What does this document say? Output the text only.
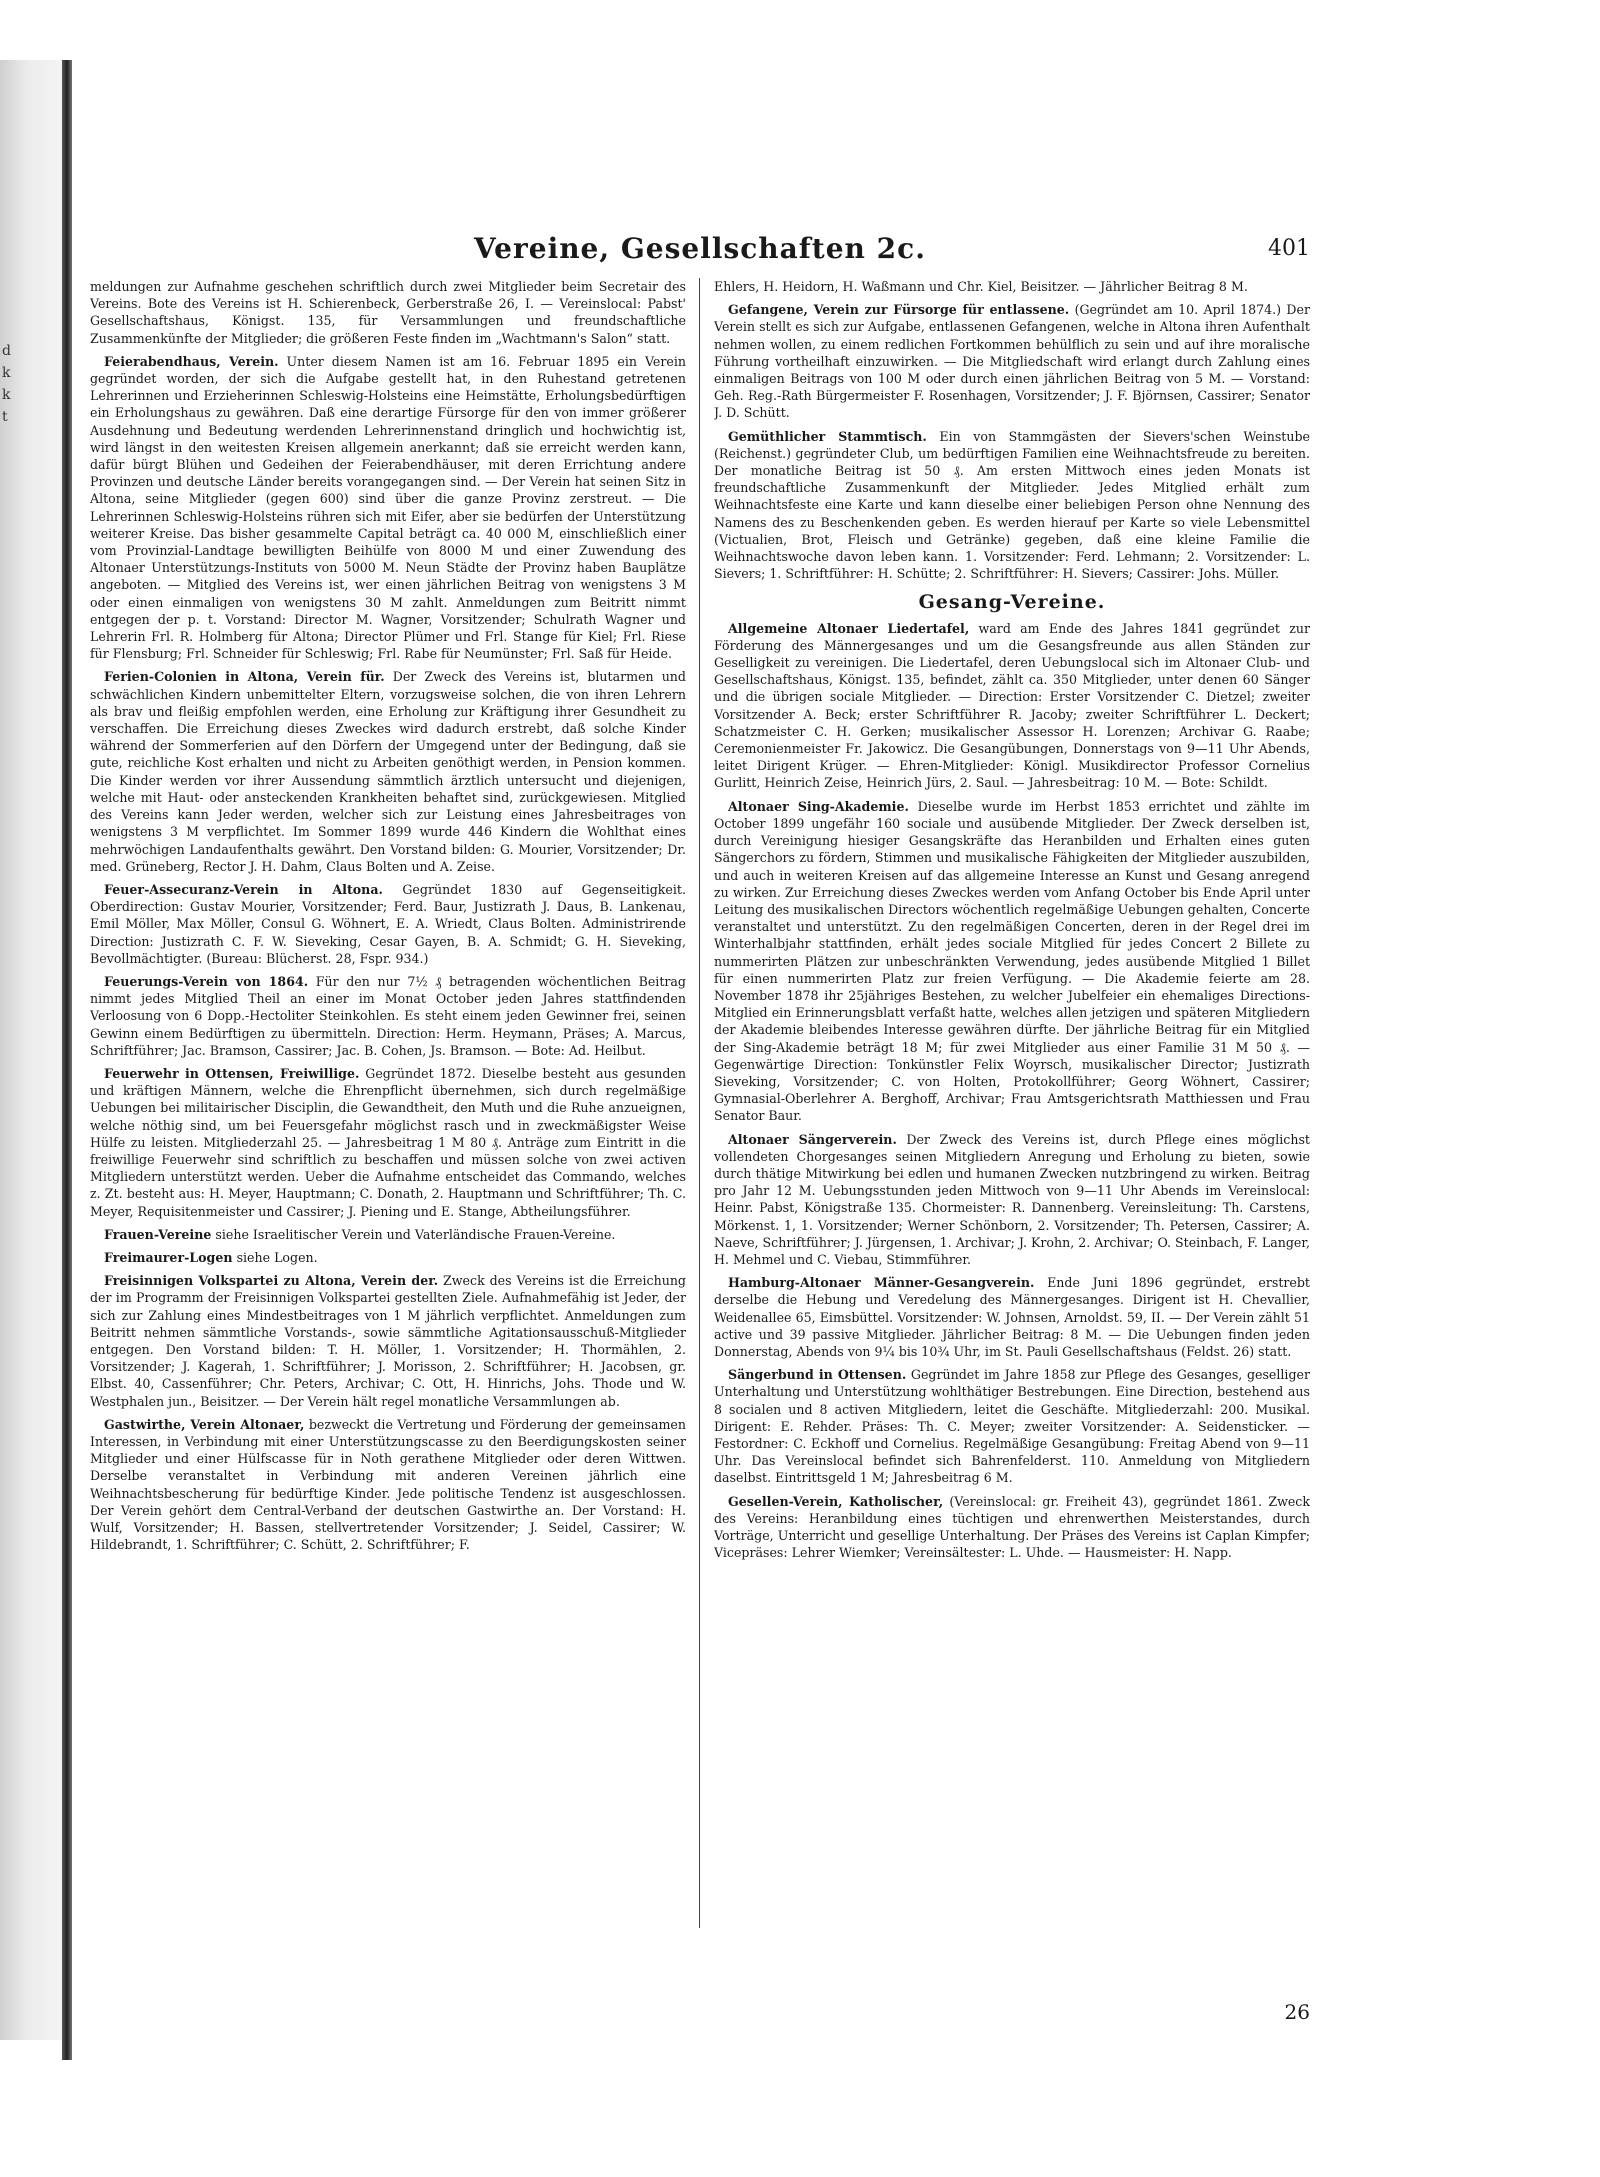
d
k
k
t
Vereine, Gesellschaften 2c.	401

meldungen zur Aufnahme geschehen schriftlich durch zwei Mitglieder beim Secretair des Vereins. Bote des Vereins ist H. Schierenbeck, Gerberstraße 26, I. — Vereinslocal: Pabst' Gesellschaftshaus, Königst. 135, für Versammlungen und freundschaftliche Zusammenkünfte der Mitglieder; die größeren Feste finden im „Wachtmann's Salon“ statt.

Feierabendhaus, Verein. Unter diesem Namen ist am 16. Februar 1895 ein Verein gegründet worden, der sich die Aufgabe gestellt hat, in den Ruhestand getretenen Lehrerinnen und Erzieherinnen Schleswig-Holsteins eine Heimstätte, Erholungsbedürftigen ein Erholungshaus zu gewähren. Daß eine derartige Fürsorge für den von immer größerer Ausdehnung und Bedeutung werdenden Lehrerinnenstand dringlich und hochwichtig ist, wird längst in den weitesten Kreisen allgemein anerkannt; daß sie erreicht werden kann, dafür bürgt Blühen und Gedeihen der Feierabendhäuser, mit deren Errichtung andere Provinzen und deutsche Länder bereits vorangegangen sind. — Der Verein hat seinen Sitz in Altona, seine Mitglieder (gegen 600) sind über die ganze Provinz zerstreut. — Die Lehrerinnen Schleswig-Holsteins rühren sich mit Eifer, aber sie bedürfen der Unterstützung weiterer Kreise. Das bisher gesammelte Capital beträgt ca. 40 000 M, einschließlich einer vom Provinzial-Landtage bewilligten Beihülfe von 8000 M und einer Zuwendung des Altonaer Unterstützungs-Instituts von 5000 M. Neun Städte der Provinz haben Bauplätze angeboten. — Mitglied des Vereins ist, wer einen jährlichen Beitrag von wenigstens 3 M oder einen einmaligen von wenigstens 30 M zahlt. Anmeldungen zum Beitritt nimmt entgegen der p. t. Vorstand: Director M. Wagner, Vorsitzender; Schulrath Wagner und Lehrerin Frl. R. Holmberg für Altona; Director Plümer und Frl. Stange für Kiel; Frl. Riese für Flensburg; Frl. Schneider für Schleswig; Frl. Rabe für Neumünster; Frl. Saß für Heide.

Ferien-Colonien in Altona, Verein für. Der Zweck des Vereins ist, blutarmen und schwächlichen Kindern unbemittelter Eltern, vorzugsweise solchen, die von ihren Lehrern als brav und fleißig empfohlen werden, eine Erholung zur Kräftigung ihrer Gesundheit zu verschaffen. Die Erreichung dieses Zweckes wird dadurch erstrebt, daß solche Kinder während der Sommerferien auf den Dörfern der Umgegend unter der Bedingung, daß sie gute, reichliche Kost erhalten und nicht zu Arbeiten genöthigt werden, in Pension kommen. Die Kinder werden vor ihrer Aussendung sämmtlich ärztlich untersucht und diejenigen, welche mit Haut- oder ansteckenden Krankheiten behaftet sind, zurückgewiesen. Mitglied des Vereins kann Jeder werden, welcher sich zur Leistung eines Jahresbeitrages von wenigstens 3 M verpflichtet. Im Sommer 1899 wurde 446 Kindern die Wohlthat eines mehrwöchigen Landaufenthalts gewährt. Den Vorstand bilden: G. Mourier, Vorsitzender; Dr. med. Grüneberg, Rector J. H. Dahm, Claus Bolten und A. Zeise.

Feuer-Assecuranz-Verein in Altona. Gegründet 1830 auf Gegenseitigkeit. Oberdirection: Gustav Mourier, Vorsitzender; Ferd. Baur, Justizrath J. Daus, B. Lankenau, Emil Möller, Max Möller, Consul G. Wöhnert, E. A. Wriedt, Claus Bolten. Administrirende Direction: Justizrath C. F. W. Sieveking, Cesar Gayen, B. A. Schmidt; G. H. Sieveking, Bevollmächtigter. (Bureau: Blücherst. 28, Fspr. 934.)

Feuerungs-Verein von 1864. Für den nur 7½ ₰ betragenden wöchentlichen Beitrag nimmt jedes Mitglied Theil an einer im Monat October jeden Jahres stattfindenden Verloosung von 6 Dopp.-Hectoliter Steinkohlen. Es steht einem jeden Gewinner frei, seinen Gewinn einem Bedürftigen zu übermitteln. Direction: Herm. Heymann, Präses; A. Marcus, Schriftführer; Jac. Bramson, Cassirer; Jac. B. Cohen, Js. Bramson. — Bote: Ad. Heilbut.

Feuerwehr in Ottensen, Freiwillige. Gegründet 1872. Dieselbe besteht aus gesunden und kräftigen Männern, welche die Ehrenpflicht übernehmen, sich durch regelmäßige Uebungen bei militairischer Disciplin, die Gewandtheit, den Muth und die Ruhe anzueignen, welche nöthig sind, um bei Feuersgefahr möglichst rasch und in zweckmäßigster Weise Hülfe zu leisten. Mitgliederzahl 25. — Jahresbeitrag 1 M 80 ₰. Anträge zum Eintritt in die freiwillige Feuerwehr sind schriftlich zu beschaffen und müssen solche von zwei activen Mitgliedern unterstützt werden. Ueber die Aufnahme entscheidet das Commando, welches z. Zt. besteht aus: H. Meyer, Hauptmann; C. Donath, 2. Hauptmann und Schriftführer; Th. C. Meyer, Requisitenmeister und Cassirer; J. Piening und E. Stange, Abtheilungsführer.

Frauen-Vereine siehe Israelitischer Verein und Vaterländische Frauen-Vereine.

Freimaurer-Logen siehe Logen.

Freisinnigen Volkspartei zu Altona, Verein der. Zweck des Vereins ist die Erreichung der im Programm der Freisinnigen Volkspartei gestellten Ziele. Aufnahmefähig ist Jeder, der sich zur Zahlung eines Mindestbeitrages von 1 M jährlich verpflichtet. Anmeldungen zum Beitritt nehmen sämmtliche Vorstands-, sowie sämmtliche Agitationsausschuß-Mitglieder entgegen. Den Vorstand bilden: T. H. Möller, 1. Vorsitzender; H. Thormählen, 2. Vorsitzender; J. Kagerah, 1. Schriftführer; J. Morisson, 2. Schriftführer; H. Jacobsen, gr. Elbst. 40, Cassenführer; Chr. Peters, Archivar; C. Ott, H. Hinrichs, Johs. Thode und W. Westphalen jun., Beisitzer. — Der Verein hält regel monatliche Versammlungen ab.

Gastwirthe, Verein Altonaer, bezweckt die Vertretung und Förderung der gemeinsamen Interessen, in Verbindung mit einer Unterstützungscasse zu den Beerdigungskosten seiner Mitglieder und einer Hülfscasse für in Noth gerathene Mitglieder oder deren Wittwen. Derselbe veranstaltet in Verbindung mit anderen Vereinen jährlich eine Weihnachtsbescherung für bedürftige Kinder. Jede politische Tendenz ist ausgeschlossen. Der Verein gehört dem Central-Verband der deutschen Gastwirthe an. Der Vorstand: H. Wulf, Vorsitzender; H. Bassen, stellvertretender Vorsitzender; J. Seidel, Cassirer; W. Hildebrandt, 1. Schriftführer; C. Schütt, 2. Schriftführer; F.

Ehlers, H. Heidorn, H. Waßmann und Chr. Kiel, Beisitzer. — Jährlicher Beitrag 8 M.

Gefangene, Verein zur Fürsorge für entlassene. (Gegründet am 10. April 1874.) Der Verein stellt es sich zur Aufgabe, entlassenen Gefangenen, welche in Altona ihren Aufenthalt nehmen wollen, zu einem redlichen Fortkommen behülflich zu sein und auf ihre moralische Führung vortheilhaft einzuwirken. — Die Mitgliedschaft wird erlangt durch Zahlung eines einmaligen Beitrags von 100 M oder durch einen jährlichen Beitrag von 5 M. — Vorstand: Geh. Reg.-Rath Bürgermeister F. Rosenhagen, Vorsitzender; J. F. Björnsen, Cassirer; Senator J. D. Schütt.

Gemüthlicher Stammtisch. Ein von Stammgästen der Sievers'schen Weinstube (Reichenst.) gegründeter Club, um bedürftigen Familien eine Weihnachtsfreude zu bereiten. Der monatliche Beitrag ist 50 ₰. Am ersten Mittwoch eines jeden Monats ist freundschaftliche Zusammenkunft der Mitglieder. Jedes Mitglied erhält zum Weihnachtsfeste eine Karte und kann dieselbe einer beliebigen Person ohne Nennung des Namens des zu Beschenkenden geben. Es werden hierauf per Karte so viele Lebensmittel (Victualien, Brot, Fleisch und Getränke) gegeben, daß eine kleine Familie die Weihnachtswoche davon leben kann. 1. Vorsitzender: Ferd. Lehmann; 2. Vorsitzender: L. Sievers; 1. Schriftführer: H. Schütte; 2. Schriftführer: H. Sievers; Cassirer: Johs. Müller.

Gesang-Vereine.

Allgemeine Altonaer Liedertafel, ward am Ende des Jahres 1841 gegründet zur Förderung des Männergesanges und um die Gesangsfreunde aus allen Ständen zur Geselligkeit zu vereinigen. Die Liedertafel, deren Uebungslocal sich im Altonaer Club- und Gesellschaftshaus, Königst. 135, befindet, zählt ca. 350 Mitglieder, unter denen 60 Sänger und die übrigen sociale Mitglieder. — Direction: Erster Vorsitzender C. Dietzel; zweiter Vorsitzender A. Beck; erster Schriftführer R. Jacoby; zweiter Schriftführer L. Deckert; Schatzmeister C. H. Gerken; musikalischer Assessor H. Lorenzen; Archivar G. Raabe; Ceremonienmeister Fr. Jakowicz. Die Gesangübungen, Donnerstags von 9—11 Uhr Abends, leitet Dirigent Krüger. — Ehren-Mitglieder: Königl. Musikdirector Professor Cornelius Gurlitt, Heinrich Zeise, Heinrich Jürs, 2. Saul. — Jahresbeitrag: 10 M. — Bote: Schildt.

Altonaer Sing-Akademie. Dieselbe wurde im Herbst 1853 errichtet und zählte im October 1899 ungefähr 160 sociale und ausübende Mitglieder. Der Zweck derselben ist, durch Vereinigung hiesiger Gesangskräfte das Heranbilden und Erhalten eines guten Sängerchors zu fördern, Stimmen und musikalische Fähigkeiten der Mitglieder auszubilden, und auch in weiteren Kreisen auf das allgemeine Interesse an Kunst und Gesang anregend zu wirken. Zur Erreichung dieses Zweckes werden vom Anfang October bis Ende April unter Leitung des musikalischen Directors wöchentlich regelmäßige Uebungen gehalten, Concerte veranstaltet und unterstützt. Zu den regelmäßigen Concerten, deren in der Regel drei im Winterhalbjahr stattfinden, erhält jedes sociale Mitglied für jedes Concert 2 Billete zu nummerirten Plätzen zur unbeschränkten Verwendung, jedes ausübende Mitglied 1 Billet für einen nummerirten Platz zur freien Verfügung. — Die Akademie feierte am 28. November 1878 ihr 25jähriges Bestehen, zu welcher Jubelfeier ein ehemaliges Directions-Mitglied ein Erinnerungsblatt verfaßt hatte, welches allen jetzigen und späteren Mitgliedern der Akademie bleibendes Interesse gewähren dürfte. Der jährliche Beitrag für ein Mitglied der Sing-Akademie beträgt 18 M; für zwei Mitglieder aus einer Familie 31 M 50 ₰. — Gegenwärtige Direction: Tonkünstler Felix Woyrsch, musikalischer Director; Justizrath Sieveking, Vorsitzender; C. von Holten, Protokollführer; Georg Wöhnert, Cassirer; Gymnasial-Oberlehrer A. Berghoff, Archivar; Frau Amtsgerichtsrath Matthiessen und Frau Senator Baur.

Altonaer Sängerverein. Der Zweck des Vereins ist, durch Pflege eines möglichst vollendeten Chorgesanges seinen Mitgliedern Anregung und Erholung zu bieten, sowie durch thätige Mitwirkung bei edlen und humanen Zwecken nutzbringend zu wirken. Beitrag pro Jahr 12 M. Uebungsstunden jeden Mittwoch von 9—11 Uhr Abends im Vereinslocal: Heinr. Pabst, Königstraße 135. Chormeister: R. Dannenberg. Vereinsleitung: Th. Carstens, Mörkenst. 1, 1. Vorsitzender; Werner Schönborn, 2. Vorsitzender; Th. Petersen, Cassirer; A. Naeve, Schriftführer; J. Jürgensen, 1. Archivar; J. Krohn, 2. Archivar; O. Steinbach, F. Langer, H. Mehmel und C. Viebau, Stimmführer.

Hamburg-Altonaer Männer-Gesangverein. Ende Juni 1896 gegründet, erstrebt derselbe die Hebung und Veredelung des Männergesanges. Dirigent ist H. Chevallier, Weidenallee 65, Eimsbüttel. Vorsitzender: W. Johnsen, Arnoldst. 59, II. — Der Verein zählt 51 active und 39 passive Mitglieder. Jährlicher Beitrag: 8 M. — Die Uebungen finden jeden Donnerstag, Abends von 9¼ bis 10¾ Uhr, im St. Pauli Gesellschaftshaus (Feldst. 26) statt.

Sängerbund in Ottensen. Gegründet im Jahre 1858 zur Pflege des Gesanges, geselliger Unterhaltung und Unterstützung wohlthätiger Bestrebungen. Eine Direction, bestehend aus 8 socialen und 8 activen Mitgliedern, leitet die Geschäfte. Mitgliederzahl: 200. Musikal. Dirigent: E. Rehder. Präses: Th. C. Meyer; zweiter Vorsitzender: A. Seidensticker. — Festordner: C. Eckhoff und Cornelius. Regelmäßige Gesangübung: Freitag Abend von 9—11 Uhr. Das Vereinslocal befindet sich Bahrenfelderst. 110. Anmeldung von Mitgliedern daselbst. Eintrittsgeld 1 M; Jahresbeitrag 6 M.

Gesellen-Verein, Katholischer, (Vereinslocal: gr. Freiheit 43), gegründet 1861. Zweck des Vereins: Heranbildung eines tüchtigen und ehrenwerthen Meisterstandes, durch Vorträge, Unterricht und gesellige Unterhaltung. Der Präses des Vereins ist Caplan Kimpfer; Vicepräses: Lehrer Wiemker; Vereinsältester: L. Uhde. — Hausmeister: H. Napp.

26
